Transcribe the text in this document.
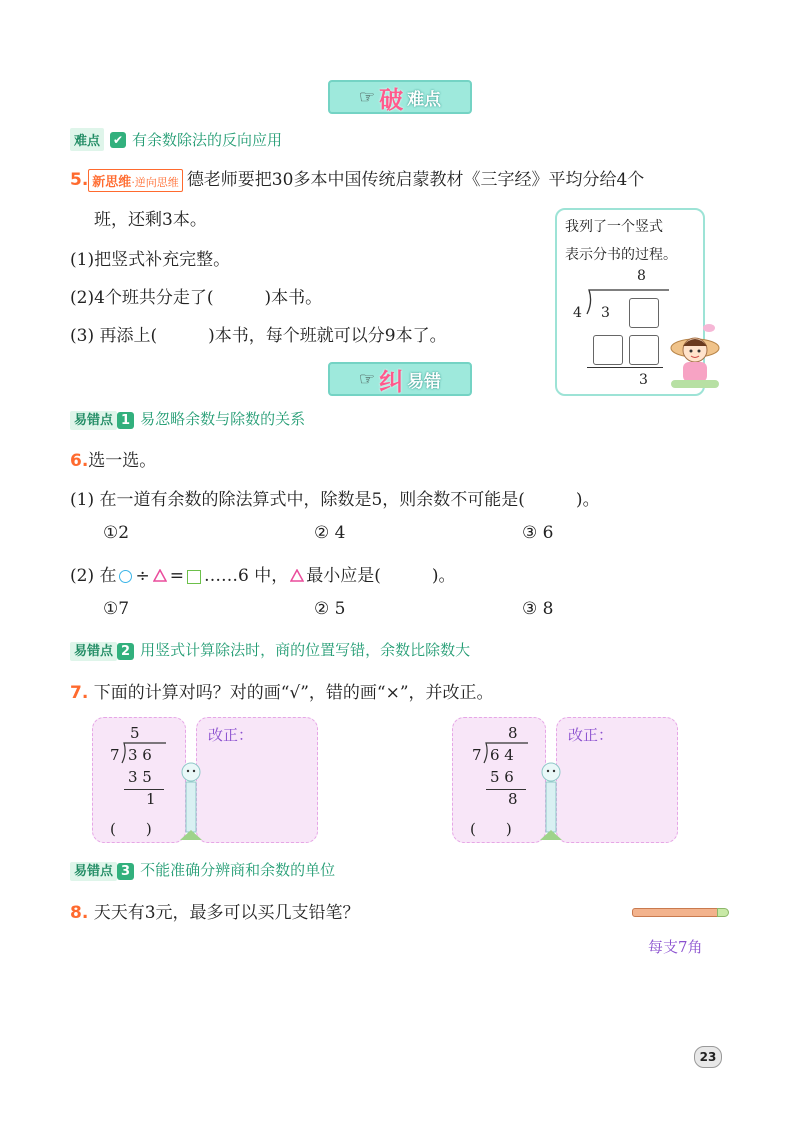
☞ 破 难点
难点	✔ 有余数除法的反向应用
5. 新思维·逆向思维 德老师要把30多本中国传统启蒙教材《三字经》平均分给4个
班，还剩3本。
(1)把竖式补充完整。
(2)4个班共分走了(　　　)本书。
(3) 再添上(　　　)本书，每个班就可以分9本了。
我列了一个竖式
表示分书的过程。
8
4 3
3
☞ 纠 易错
易错点 1 易忽略余数与除数的关系
6.选一选。
(1) 在一道有余数的除法算式中，除数是5，则余数不可能是(　　　)。
①2	② 4	③ 6
(2) 在 ÷ = ……6 中， 最小应是(　　　)。
①7	② 5	③ 8
易错点 2 用竖式计算除法时，商的位置写错，余数比除数大
7. 下面的计算对吗？对的画“√”，错的画“×”，并改正。
5
7 3 6
3 5
1
(　　)
改正：	8
7 6 4
5 6
8
(　　)
改正：
易错点 3 不能准确分辨商和余数的单位
8. 天天有3元，最多可以买几支铅笔？
每支7角
23
